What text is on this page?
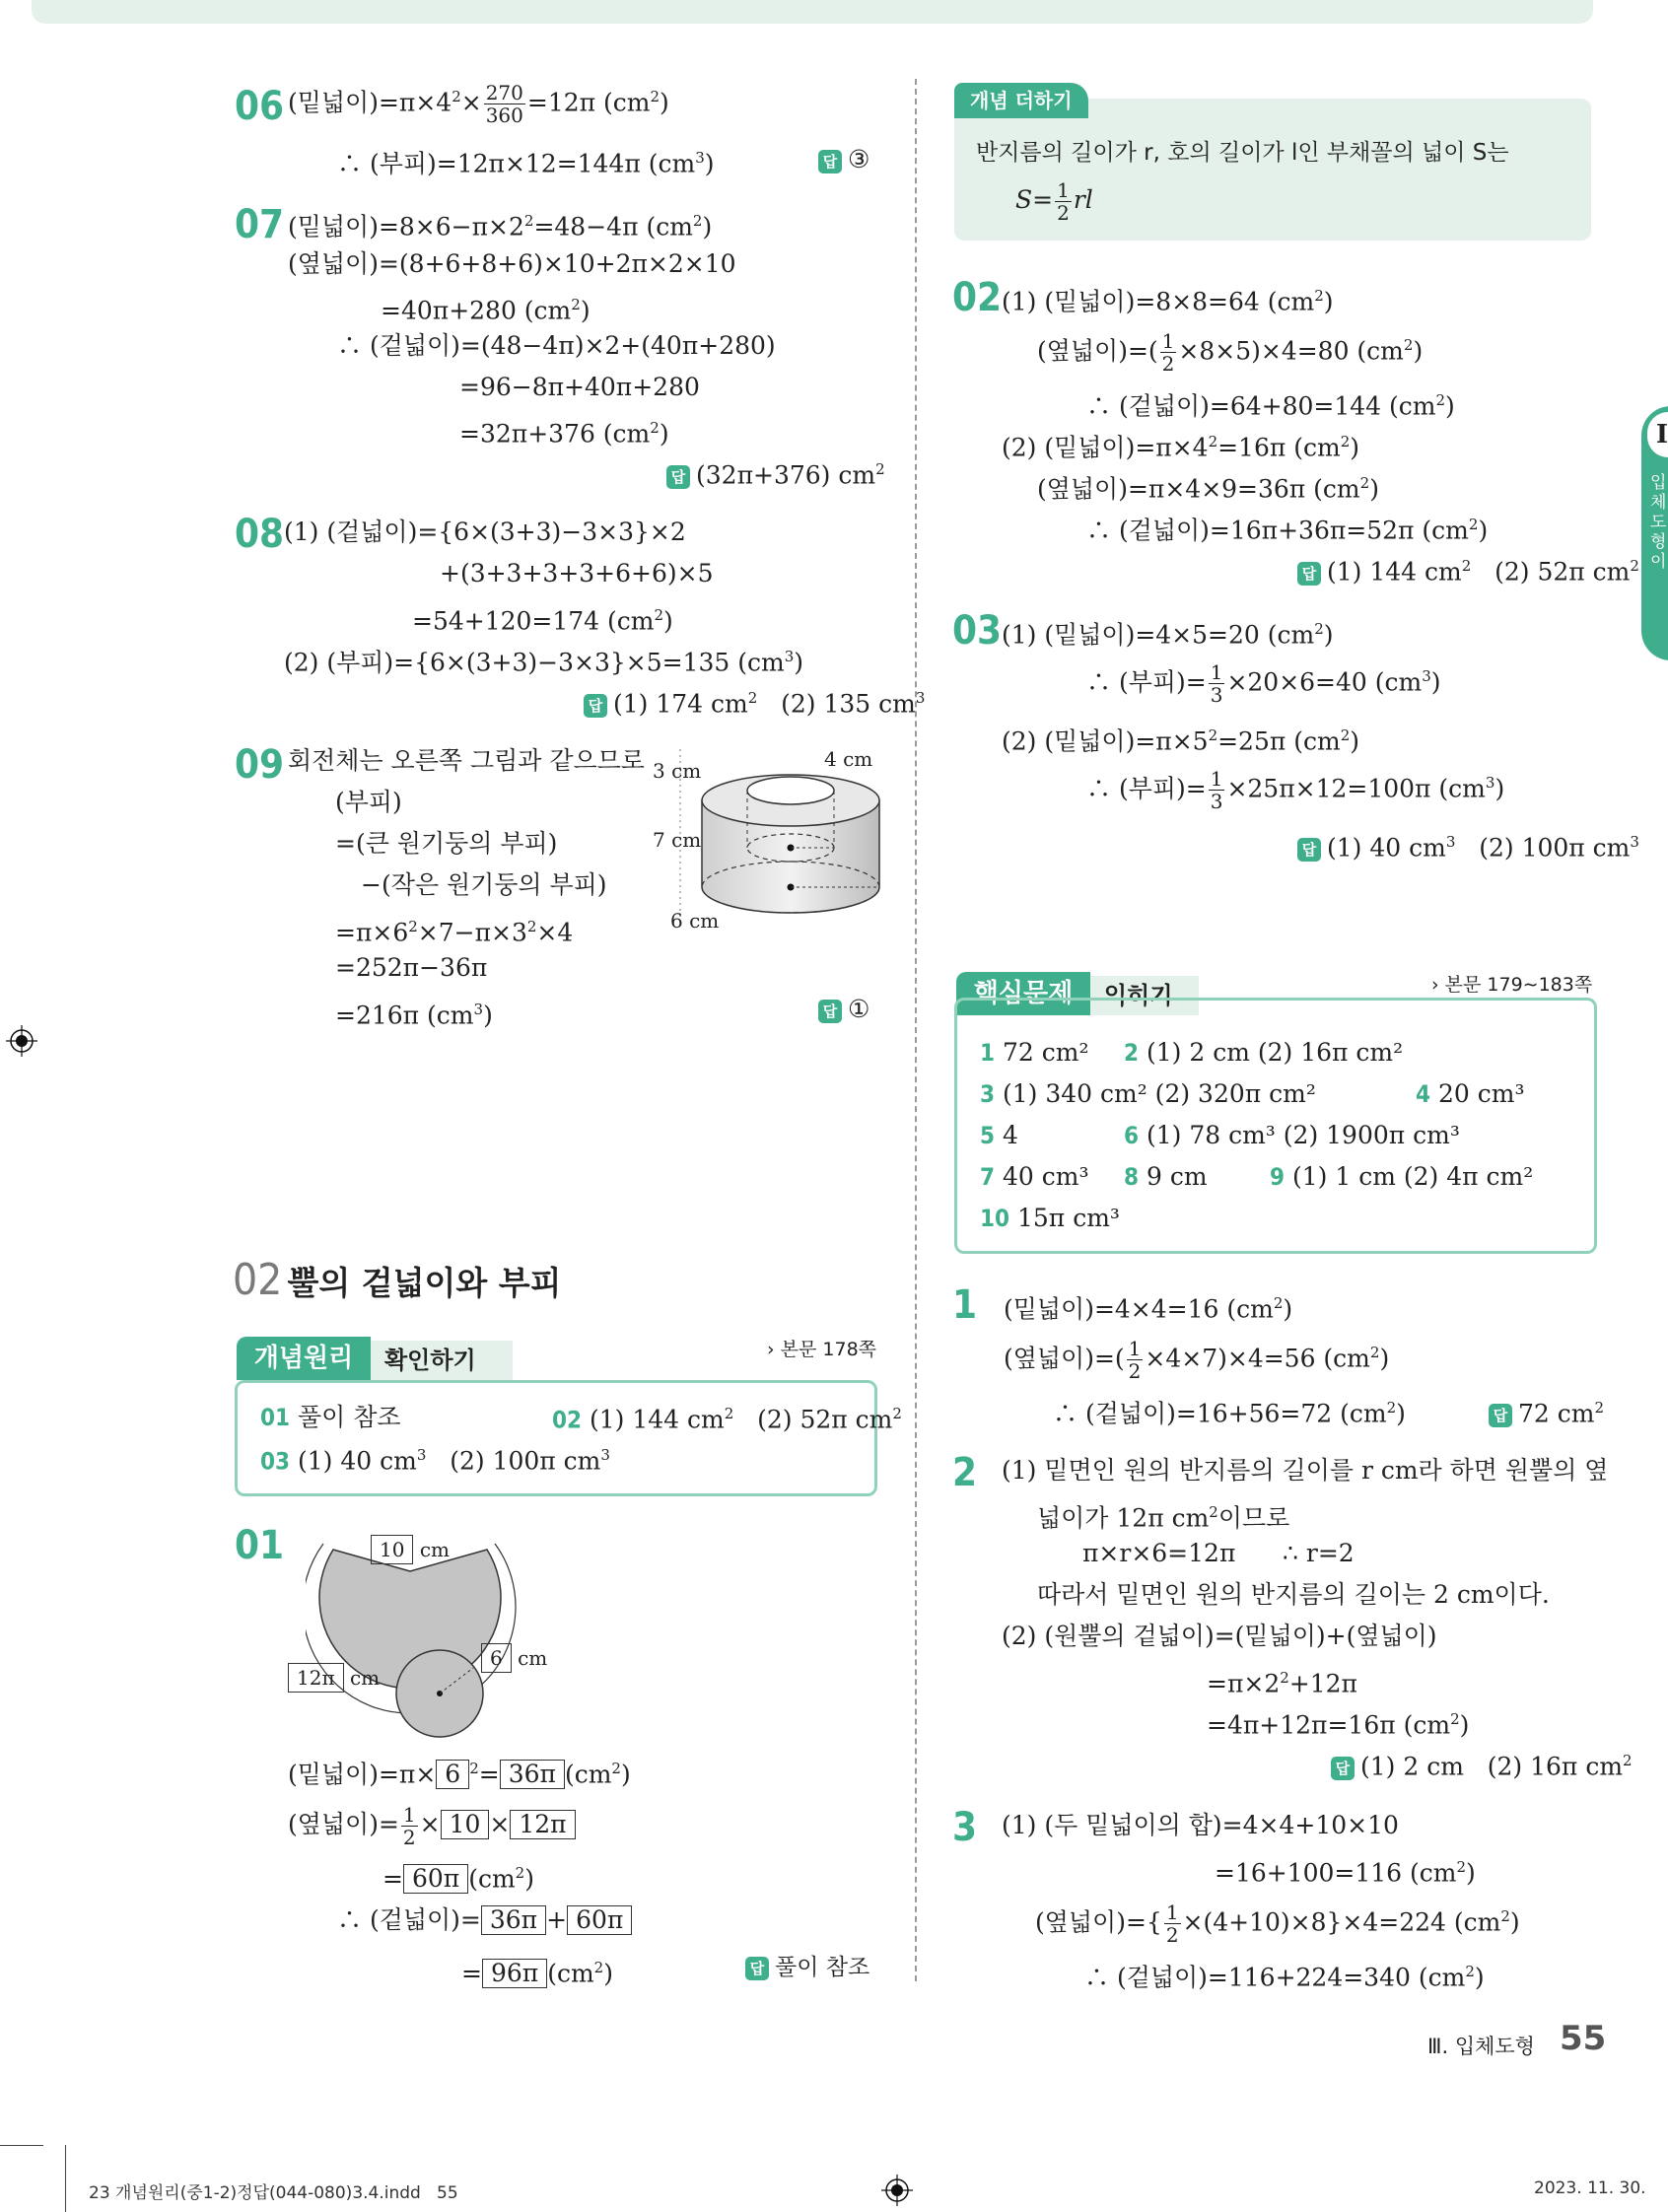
06 (밑넓이)$=\pi\times 4^2\times \frac{270}{360} =12\pi$ $(cm^2)$
∴ (부피)=12π×12=144π $(cm^3)$	답 ③
07 (밑넓이)$=8\times 6-\pi\times 2^2=48-4\pi$ $(cm^2)$
(옆넓이)=(8+6+8+6)×10+2π×2×10
=40π+280 $(cm^2)$
∴ (겉넓이)=(48−4π)×2+(40π+280)
=96−8π+40π+280
=32π+376 $(cm^2)$
답 (32π+376) $cm^2$
08 (1) (겉넓이)={6×(3+3)−3×3}×2
+(3+3+3+3+6+6)×5
=54+120=174 $(cm^2)$
(2) (부피)={6×(3+3)−3×3}×5=135 $(cm^3)$
답 (1) 174 $cm^2$ (2) 135 $cm^3$
09 회전체는 오른쪽 그림과 같으므로
(부피)
=(큰 원기둥의 부피)
−(작은 원기둥의 부피)
$=\pi\times 6^2\times 7-\pi\times 3^2\times 4$
=252π−36π
=216π $(cm^3)$	답 ①
3 cm	4 cm
7 cm
6 cm
02 뿔의 겉넓이와 부피
개념원리	확인하기	› 본문 178쪽
01 풀이 참조	02 (1) 144 $cm^2$ (2) 52π $cm^2$
03 (1) 40 $cm^3$ (2) 100π $cm^3$
01	10 cm
12π cm
6 cm
(밑넓이)=π× 6 $^2$= 36π $(cm^2)$
(옆넓이)= $\frac{1}{2} \times 10 \times 12\pi$
= 60π $(cm^2)$
∴ (겉넓이)= 36π + 60π
= 96π $(cm^2)$	답 풀이 참조
개념 더하기
반지름의 길이가 r, 호의 길이가 l인 부채꼴의 넓이 S는
$S= \frac{1}{2}$ rl
02 (1) (밑넓이)=8×8=64 $(cm^2)$
(옆넓이)=( $\frac{1}{2} \times 8\times 5)\times 4=80$ $(cm^2)$
∴ (겉넓이)=64+80=144 $(cm^2)$
(2) (밑넓이)$=\pi\times 4^2=16\pi$ $(cm^2)$
(옆넓이)=π×4×9=36π $(cm^2)$
∴ (겉넓이)=16π+36π=52π $(cm^2)$
답 (1) 144 $cm^2$ (2) 52π $cm^2$
03 (1) (밑넓이)=4×5=20 $(cm^2)$
∴ (부피)= $\frac{1}{3} \times 20\times 6=40$ $(cm^3)$
(2) (밑넓이)$=\pi\times 5^2=25\pi$ $(cm^2)$
∴ (부피)= $\frac{1}{3} \times 25\pi\times 12=100\pi$ $(cm^3)$
답 (1) 40 $cm^3$ (2) 100π $cm^3$
핵심문제	익히기	› 본문 179∼183쪽
1 72 cm² 2 (1) 2 cm (2) 16π cm²
3 (1) 340 cm² (2) 320π cm²	4 20 cm³
5 4	6 (1) 78 cm³ (2) 1900π cm³
7 40 cm³ 8 9 cm	9 (1) 1 cm (2) 4π cm²
10 15π cm³
1 (밑넓이)=4×4=16 $(cm^2)$
(옆넓이)=( $\frac{1}{2} \times 4\times 7)\times 4=56$ $(cm^2)$
∴ (겉넓이)=16+56=72 $(cm^2)$	답 72 $cm^2$
2 (1) 밑면인 원의 반지름의 길이를 r cm라 하면 원뿔의 옆
넓이가 12π $cm^2$이므로
π×r×6=12π      ∴ r=2
따라서 밑면인 원의 반지름의 길이는 2 cm이다.
(2) (원뿔의 겉넓이)=(밑넓이)+(옆넓이)
$=\pi\times 2^2+12\pi$
=4π+12π=16π $(cm^2)$
답 (1) 2 cm (2) 16π $cm^2$
3 (1) (두 밑넓이의 합)=4×4+10×10
=16+100=116 $(cm^2)$
(옆넓이)={ $\frac{1}{2} \times(4+10)\times 8\}\times 4=224$ $(cm^2)$
∴ (겉넓이)=116+224=340 $(cm^2)$
Ⅰ
입체도형이
Ⅲ. 입체도형 55
23 개념원리(중1-2)정답(044-080)3.4.indd   55	2023. 11. 30.
